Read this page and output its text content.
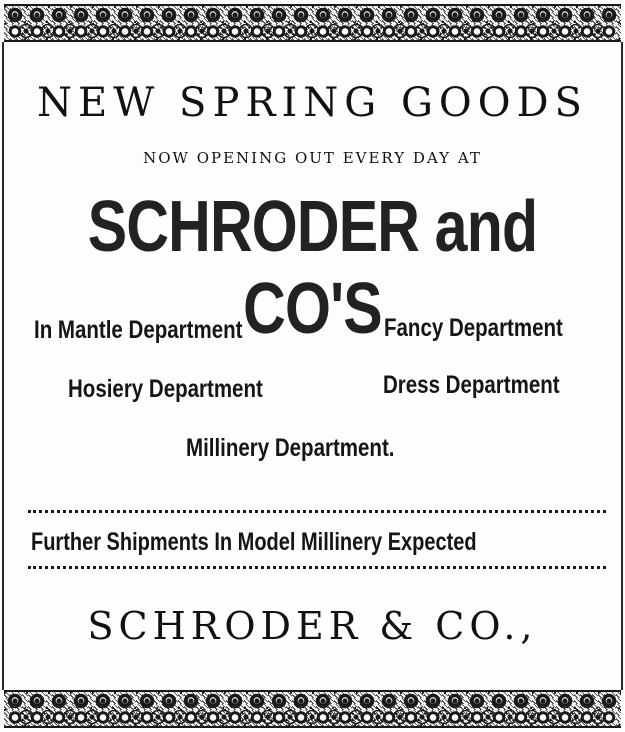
NEW SPRING GOODS
NOW OPENING OUT EVERY DAY AT
SCHRODER and CO'S
In Mantle Department	Fancy Department
Hosiery Department	Dress Department
Millinery Department.
Further Shipments In Model Millinery Expected
SCHRODER & CO.,
